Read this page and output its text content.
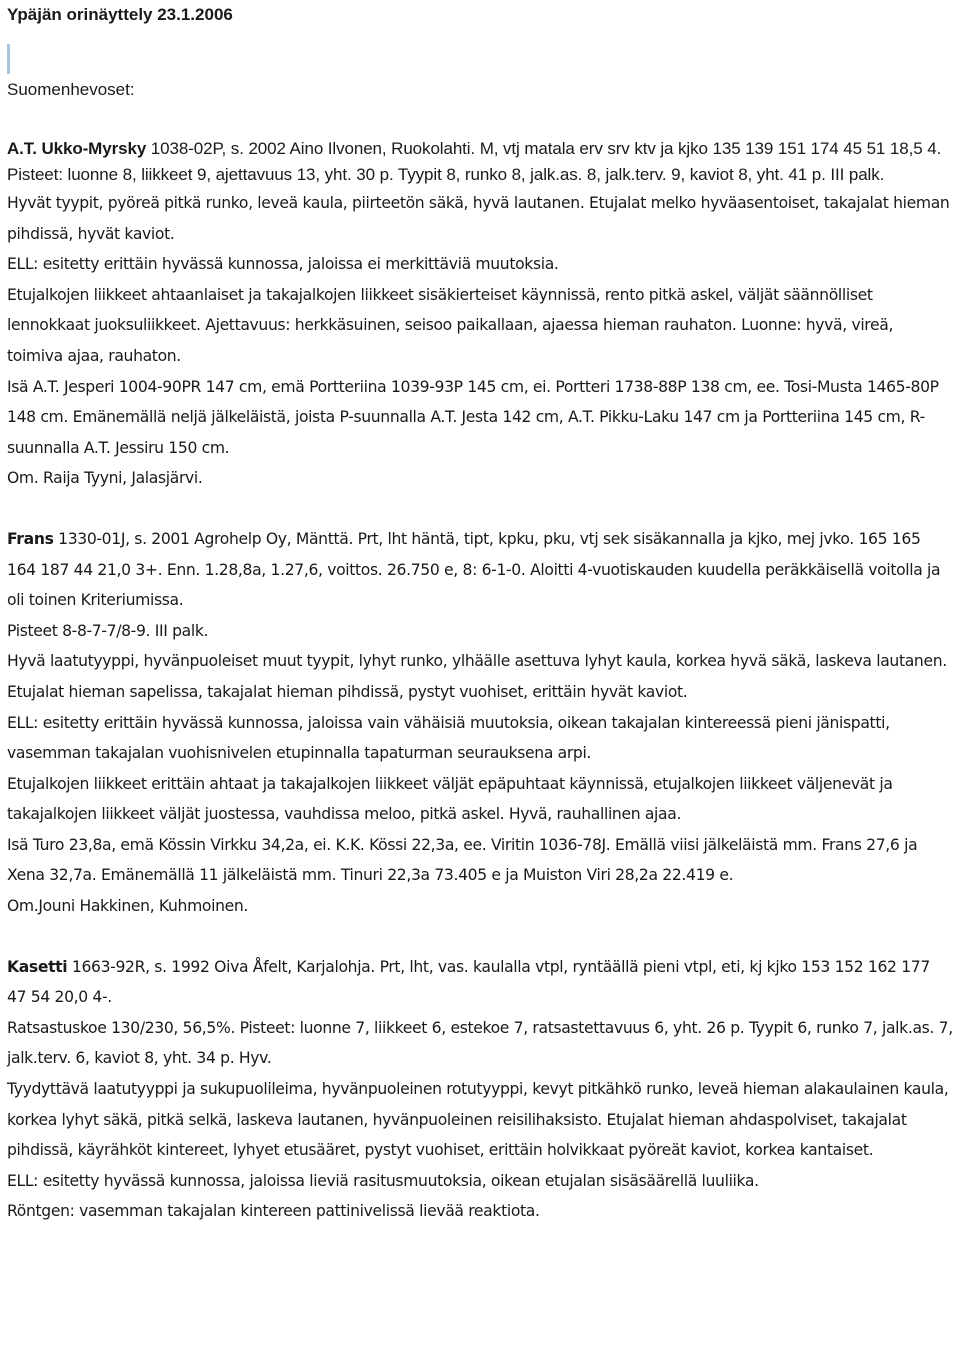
Ypäjän orinäyttely 23.1.2006
Suomenhevoset:

A.T. Ukko-Myrsky 1038-02P, s. 2002 Aino Ilvonen, Ruokolahti. M, vtj matala erv srv ktv ja kjko 135 139 151 174 45 51 18,5 4.

Pisteet: luonne 8, liikkeet 9, ajettavuus 13, yht. 30 p. Tyypit 8, runko 8, jalk.as. 8, jalk.terv. 9, kaviot 8, yht. 41 p. III palk.

Hyvät tyypit, pyöreä pitkä runko, leveä kaula, piirteetön säkä, hyvä lautanen. Etujalat melko hyväasentoiset, takajalat hieman pihdissä, hyvät kaviot.

ELL: esitetty erittäin hyvässä kunnossa, jaloissa ei merkittäviä muutoksia.

Etujalkojen liikkeet ahtaanlaiset ja takajalkojen liikkeet sisäkierteiset käynnissä, rento pitkä askel, väljät säännölliset lennokkaat juoksuliikkeet. Ajettavuus: herkkäsuinen, seisoo paikallaan, ajaessa hieman rauhaton. Luonne: hyvä, vireä, toimiva ajaa, rauhaton.

Isä A.T. Jesperi 1004-90PR 147 cm, emä Portteriina 1039-93P 145 cm, ei. Portteri 1738-88P 138 cm, ee. Tosi-Musta 1465-80P 148 cm. Emänemällä neljä jälkeläistä, joista P-suunnalla A.T. Jesta 142 cm, A.T. Pikku-Laku 147 cm ja Portteriina 145 cm, R-suunnalla A.T. Jessiru 150 cm.

Om. Raija Tyyni, Jalasjärvi.

Frans 1330-01J, s. 2001 Agrohelp Oy, Mänttä. Prt, lht häntä, tipt, kpku, pku, vtj sek sisäkannalla ja kjko, mej jvko. 165 165 164 187 44 21,0 3+. Enn. 1.28,8a, 1.27,6, voittos. 26.750 e, 8: 6-1-0. Aloitti 4-vuotiskauden kuudella peräkkäisellä voitolla ja oli toinen Kriteriumissa.

Pisteet 8-8-7-7/8-9. III palk.

Hyvä laatutyyppi, hyvänpuoleiset muut tyypit, lyhyt runko, ylhäälle asettuva lyhyt kaula, korkea hyvä säkä, laskeva lautanen. Etujalat hieman sapelissa, takajalat hieman pihdissä, pystyt vuohiset, erittäin hyvät kaviot.

ELL: esitetty erittäin hyvässä kunnossa, jaloissa vain vähäisiä muutoksia, oikean takajalan kintereessä pieni jänispatti, vasemman takajalan vuohisnivelen etupinnalla tapaturman seurauksena arpi.

Etujalkojen liikkeet erittäin ahtaat ja takajalkojen liikkeet väljät epäpuhtaat käynnissä, etujalkojen liikkeet väljenevät ja takajalkojen liikkeet väljät juostessa, vauhdissa meloo, pitkä askel. Hyvä, rauhallinen ajaa.

Isä Turo 23,8a, emä Kössin Virkku 34,2a, ei. K.K. Kössi 22,3a, ee. Viritin 1036-78J. Emällä viisi jälkeläistä mm. Frans 27,6 ja Xena 32,7a. Emänemällä 11 jälkeläistä mm. Tinuri 22,3a 73.405 e ja Muiston Viri 28,2a 22.419 e.

Om.Jouni Hakkinen, Kuhmoinen.

Kasetti 1663-92R, s. 1992 Oiva Åfelt, Karjalohja. Prt, lht, vas. kaulalla vtpl, ryntäällä pieni vtpl, eti, kj kjko 153 152 162 177 47 54 20,0 4-.

Ratsastuskoe 130/230, 56,5%. Pisteet: luonne 7, liikkeet 6, estekoe 7, ratsastettavuus 6, yht. 26 p. Tyypit 6, runko 7, jalk.as. 7, jalk.terv. 6, kaviot 8, yht. 34 p. Hyv.

Tyydyttävä laatutyyppi ja sukupuolileima, hyvänpuoleinen rotutyyppi, kevyt pitkähkö runko, leveä hieman alakaulainen kaula, korkea lyhyt säkä, pitkä selkä, laskeva lautanen, hyvänpuoleinen reisilihaksisto. Etujalat hieman ahdaspolviset, takajalat pihdissä, käyrähköt kintereet, lyhyet etusääret, pystyt vuohiset, erittäin holvikkaat pyöreät kaviot, korkea kantaiset.

ELL: esitetty hyvässä kunnossa, jaloissa lieviä rasitusmuutoksia, oikean etujalan sisäsäärellä luuliika.

Röntgen: vasemman takajalan kintereen pattinivelissä lievää reaktiota.
